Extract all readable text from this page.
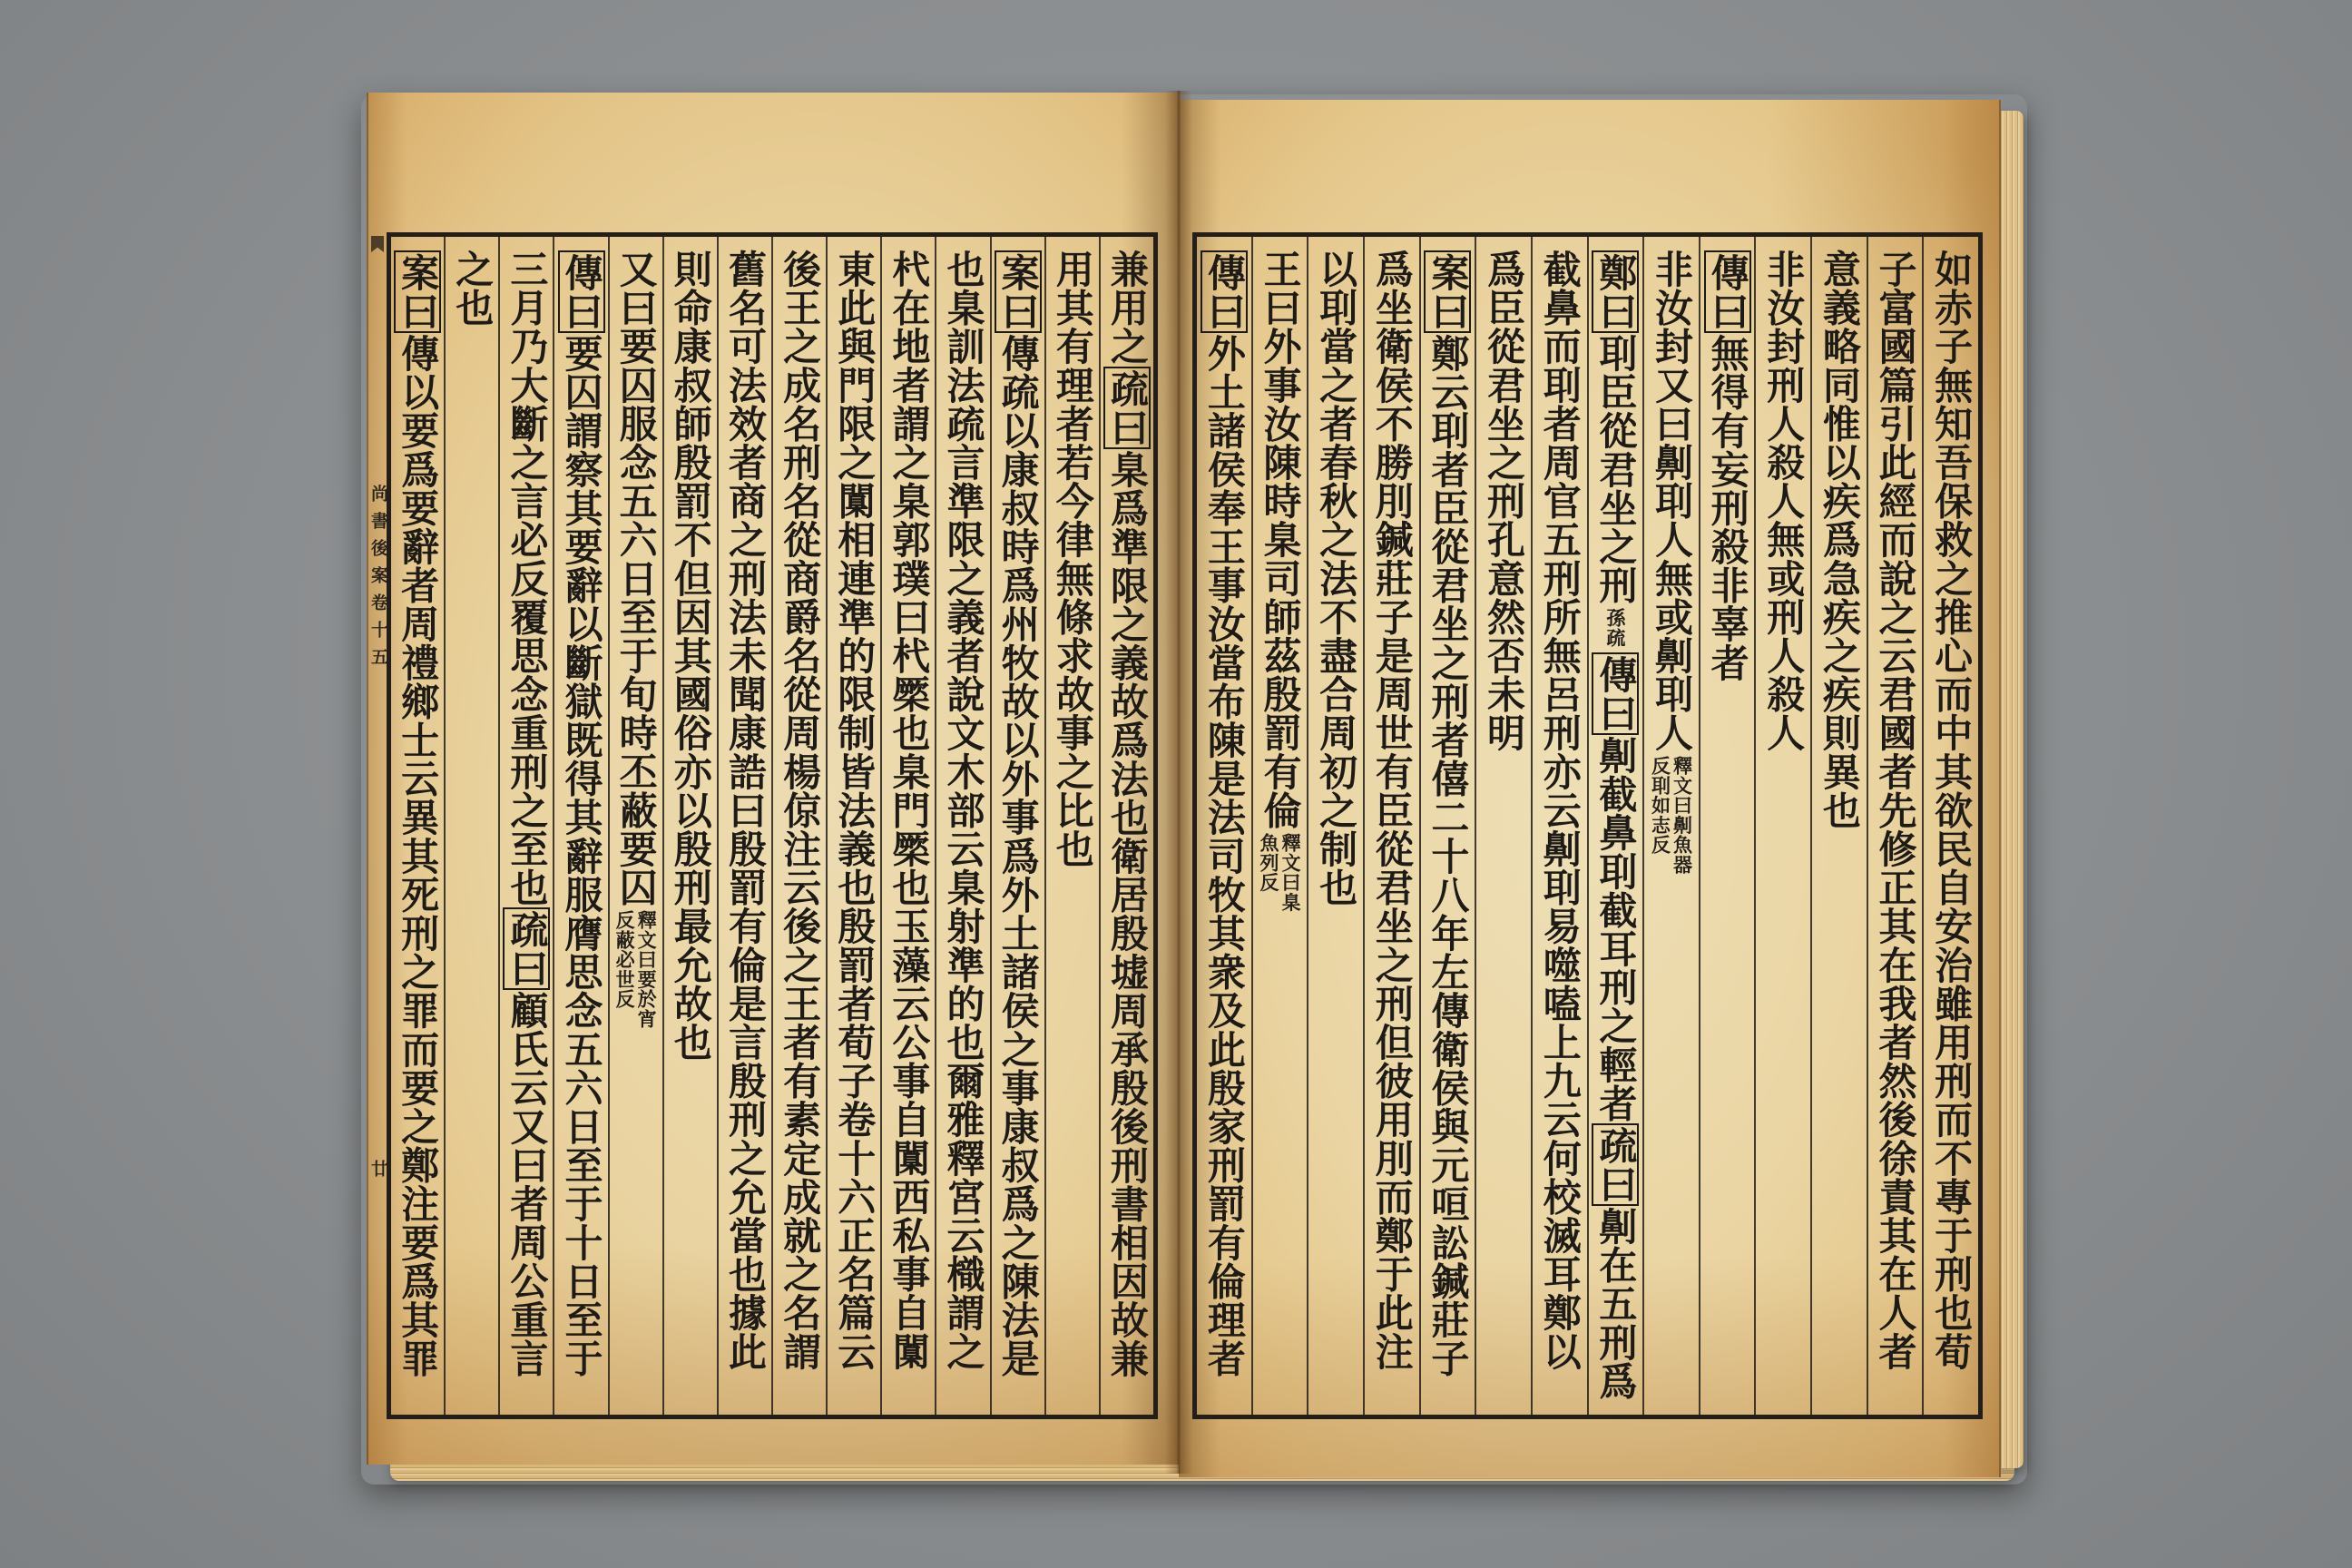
尚書後案卷十五
廿
兼用之
疏曰
臬爲準限之義故爲法也衛居殷墟周承殷後刑書相因故兼
用其有理者若今律無條求故事之比也
案曰
傳疏以康叔時爲州牧故以外事爲外土諸侯之事康叔爲之陳法是
也臬訓法疏言準限之義者說文木部云臬射準的也爾雅釋宮云樴謂之
杙在地者謂之臬郭璞曰杙橜也臬門橜也玉藻云公事自闑西私事自闑
東此與門限之闑相連準的限制皆法義也殷罰者荀子卷十六正名篇云
後王之成名刑名從商爵名從周楊倞注云後之王者有素定成就之名謂
舊名可法效者商之刑法未聞康誥曰殷罰有倫是言殷刑之允當也據此
則命康叔師殷罰不但因其國俗亦以殷刑最允故也
又曰要囚服念五六日至于旬時丕蔽要囚
釋文曰要於宵
反蔽必世反
傳曰
要囚謂察其要辭以斷獄既得其辭服膺思念五六日至于十日至于
三月乃大斷之言必反覆思念重刑之至也
疏曰
顧氏云又曰者周公重言
之也
案曰
傳以要爲要辭者周禮鄉士云異其死刑之罪而要之鄭注要爲其罪	如赤子無知吾保救之推心而中其欲民自安治雖用刑而不專于刑也荀
子富國篇引此經而說之云君國者先修正其在我者然後徐責其在人者
意義略同惟以疾爲急疾之疾則異也
非汝封刑人殺人無或刑人殺人
傳曰
無得有妄刑殺非辜者
非汝封又曰劓刵人無或劓刵人
釋文曰劓魚器
反刵如志反
鄭曰
刵臣從君坐之刑
孫疏
傳曰
劓截鼻刵截耳刑之輕者
疏曰
劓在五刑爲
截鼻而刵者周官五刑所無呂刑亦云劓刵易噬嗑上九云何校滅耳鄭以
爲臣從君坐之刑孔意然否未明
案曰
鄭云刵者臣從君坐之刑者僖二十八年左傳衛侯與元咺訟鍼莊子
爲坐衛侯不勝刖鍼莊子是周世有臣從君坐之刑但彼用刖而鄭于此注
以刵當之者春秋之法不盡合周初之制也
王曰外事汝陳時臬司師茲殷罰有倫
釋文曰臬
魚列反
傳曰
外土諸侯奉王事汝當布陳是法司牧其衆及此殷家刑罰有倫理者
